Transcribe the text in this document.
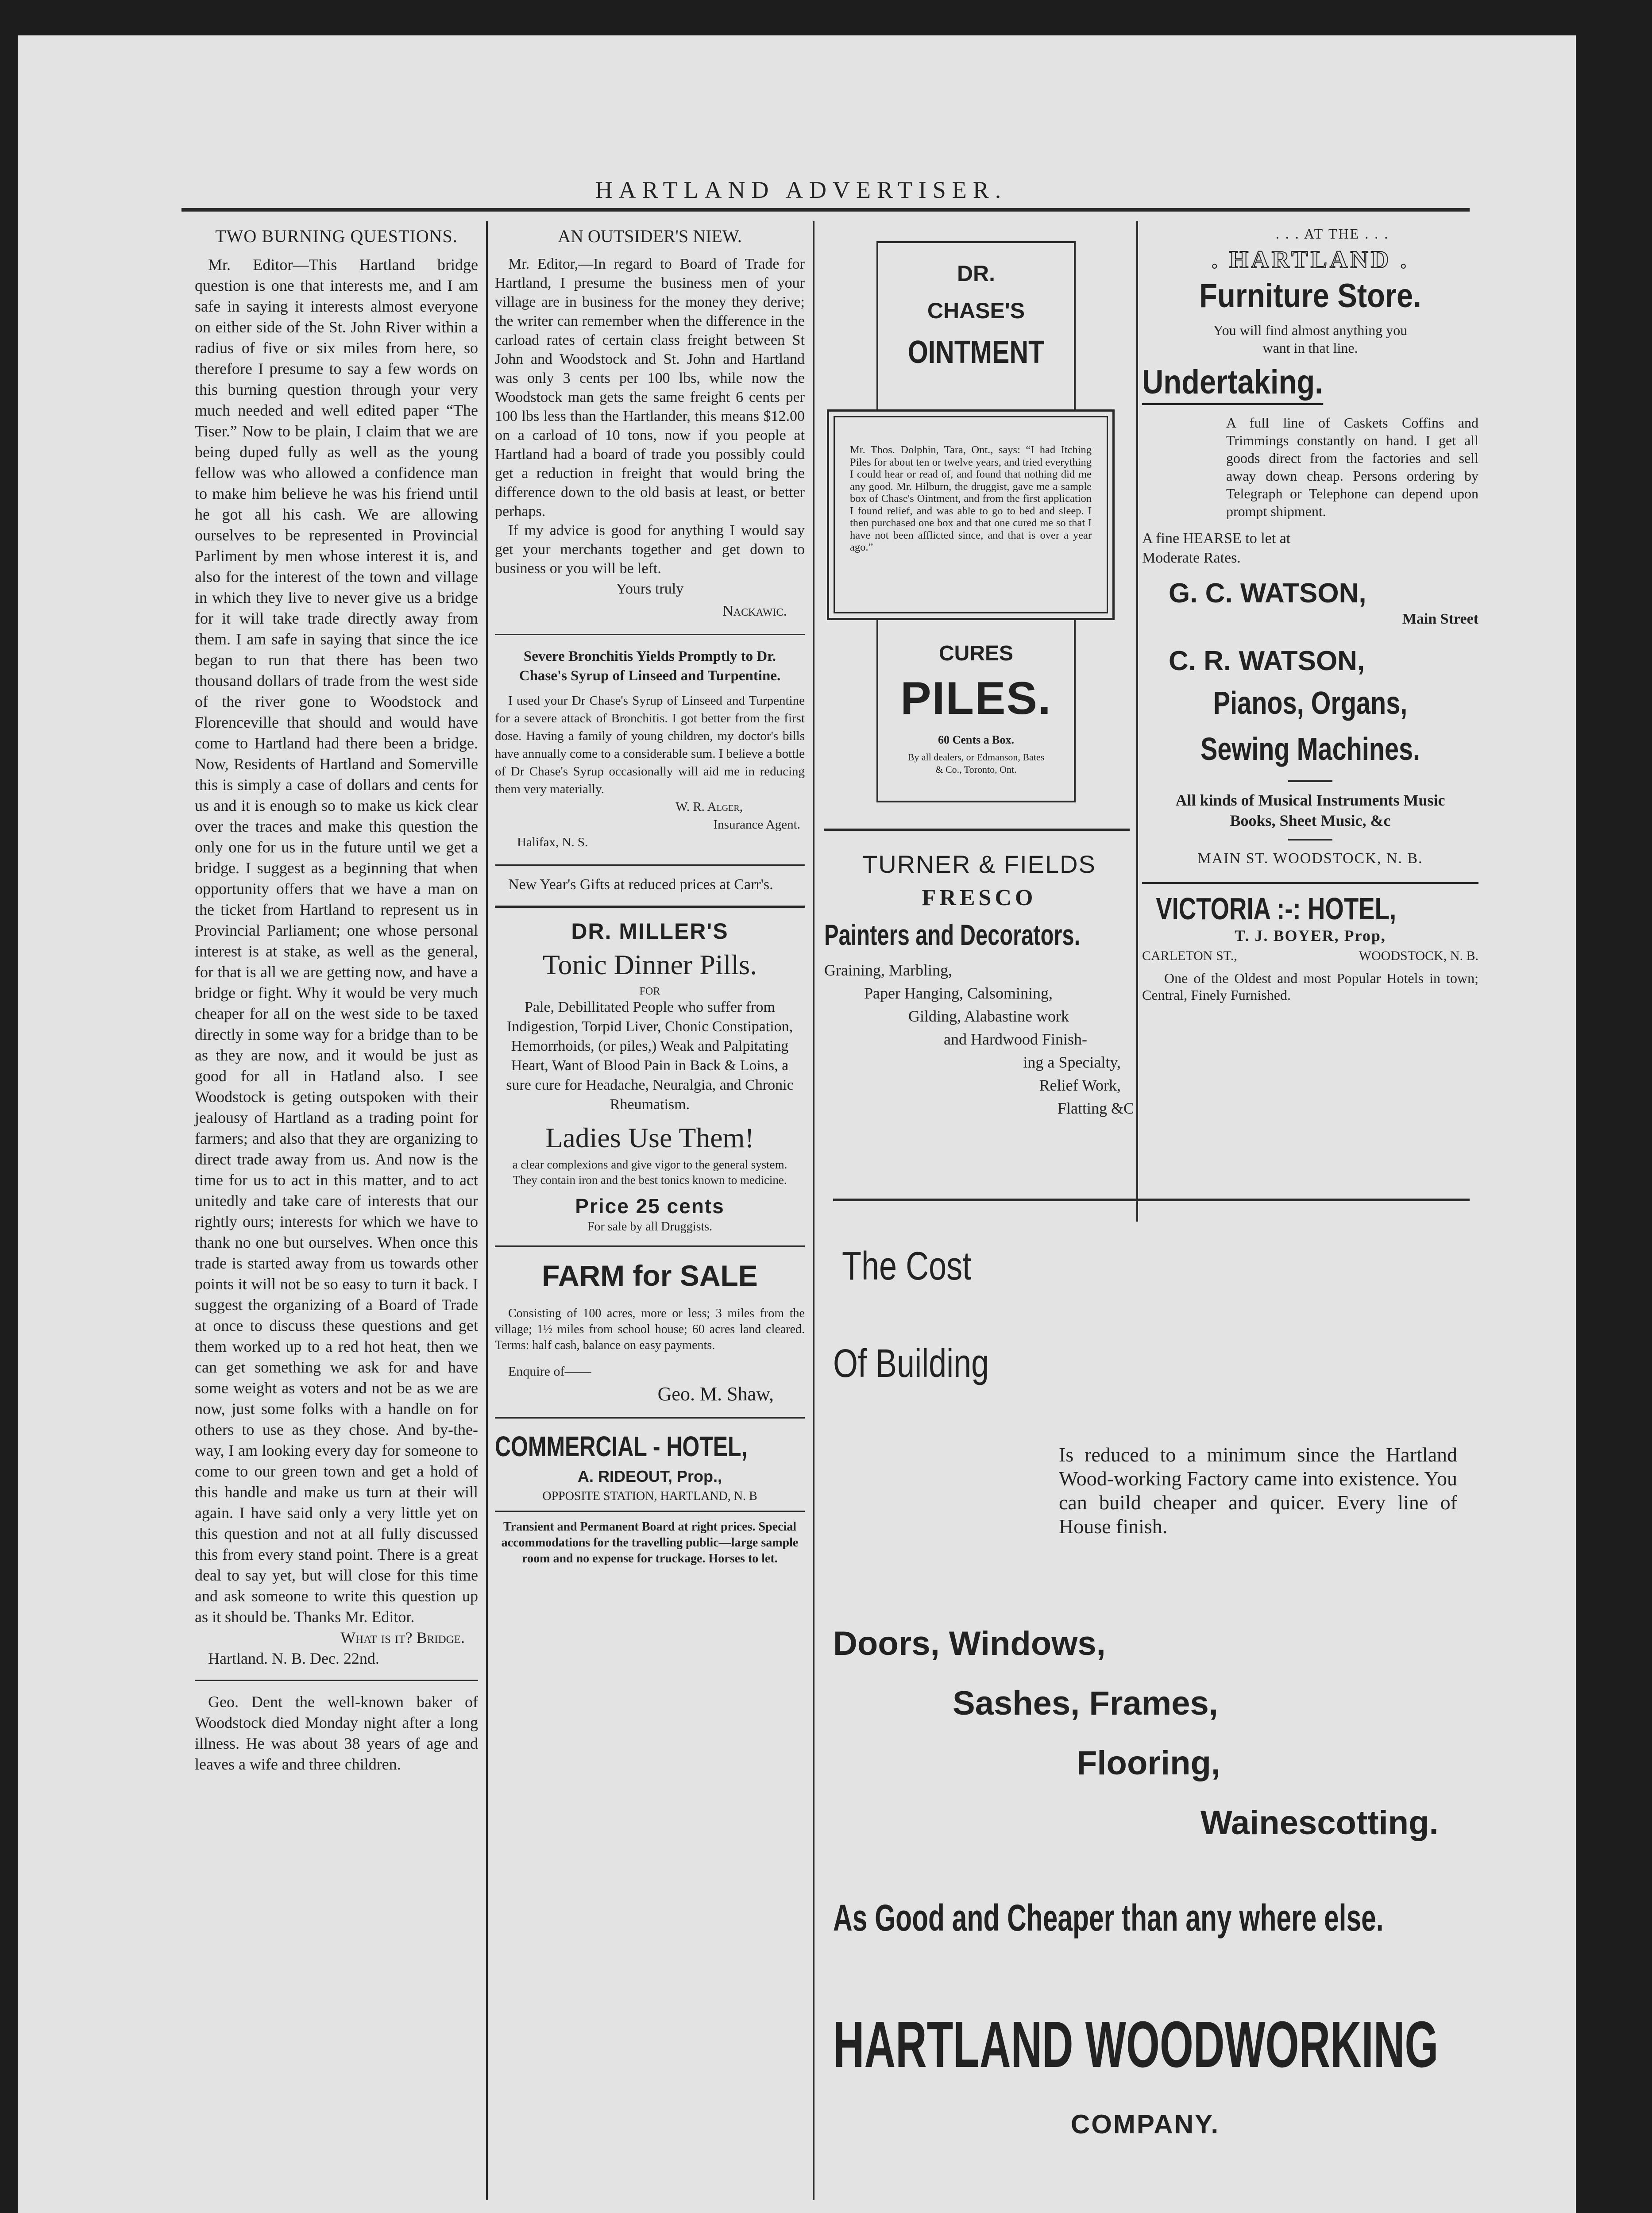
HARTLAND ADVERTISER.
TWO BURNING QUESTIONS.

Mr. Editor—This Hartland bridge question is one that interests me, and I am safe in saying it interests almost everyone on either side of the St. John River within a radius of five or six miles from here, so therefore I presume to say a few words on this burning question through your very much needed and well edited paper “The Tiser.” Now to be plain, I claim that we are being duped fully as well as the young fellow was who allowed a confidence man to make him believe he was his friend until he got all his cash. We are allowing ourselves to be represented in Provincial Parliment by men whose interest it is, and also for the interest of the town and village in which they live to never give us a bridge for it will take trade directly away from them. I am safe in saying that since the ice began to run that there has been two thousand dollars of trade from the west side of the river gone to Woodstock and Florenceville that should and would have come to Hartland had there been a bridge. Now, Residents of Hartland and Somerville this is simply a case of dollars and cents for us and it is enough so to make us kick clear over the traces and make this question the only one for us in the future until we get a bridge. I suggest as a beginning that when opportunity offers that we have a man on the ticket from Hartland to represent us in Provincial Parliament; one whose personal interest is at stake, as well as the general, for that is all we are getting now, and have a bridge or fight. Why it would be very much cheaper for all on the west side to be taxed directly in some way for a bridge than to be as they are now, and it would be just as good for all in Hatland also. I see Woodstock is geting outspoken with their jealousy of Hartland as a trading point for farmers; and also that they are organizing to direct trade away from us. And now is the time for us to act in this matter, and to act unitedly and take care of interests that our rightly ours; interests for which we have to thank no one but ourselves. When once this trade is started away from us towards other points it will not be so easy to turn it back. I suggest the organizing of a Board of Trade at once to discuss these questions and get them worked up to a red hot heat, then we can get something we ask for and have some weight as voters and not be as we are now, just some folks with a handle on for others to use as they chose. And by-the-way, I am looking every day for someone to come to our green town and get a hold of this handle and make us turn at their will again. I have said only a very little yet on this question and not at all fully discussed this from every stand point. There is a great deal to say yet, but will close for this time and ask someone to write this question up as it should be. Thanks Mr. Editor.

What is it? Bridge.
Hartland. N. B. Dec. 22nd.

Geo. Dent the well-known baker of Woodstock died Monday night after a long illness. He was about 38 years of age and leaves a wife and three children.

AN OUTSIDER'S NIEW.

Mr. Editor,—In regard to Board of Trade for Hartland, I presume the business men of your village are in business for the money they derive; the writer can remember when the difference in the carload rates of certain class freight between St John and Woodstock and St. John and Hartland was only 3 cents per 100 lbs, while now the Woodstock man gets the same freight 6 cents per 100 lbs less than the Hartlander, this means $12.00 on a carload of 10 tons, now if you people at Hartland had a board of trade you possibly could get a reduction in freight that would bring the difference down to the old basis at least, or better perhaps.

If my advice is good for anything I would say get your merchants together and get down to business or you will be left.

Yours truly
Nackawic.
Severe Bronchitis Yields Promptly to Dr. Chase's Syrup of Linseed and Turpentine.

I used your Dr Chase's Syrup of Linseed and Turpentine for a severe attack of Bronchitis. I got better from the first dose. Having a family of young children, my doctor's bills have annually come to a considerable sum. I believe a bottle of Dr Chase's Syrup occasionally will aid me in reducing them very materially.

W. R. Alger,
Insurance Agent.
Halifax, N. S.

New Year's Gifts at reduced prices at Carr's.

DR. MILLER'S
Tonic Dinner Pills.
FOR

Pale, Debillitated People who suffer from Indigestion, Torpid Liver, Chonic Constipation, Hemorrhoids, (or piles,) Weak and Palpitating Heart, Want of Blood Pain in Back & Loins, a sure cure for Headache, Neuralgia, and Chronic Rheumatism.

Ladies Use Them!

a clear complexions and give vigor to the general system.

They contain iron and the best tonics known to medicine.

Price 25 cents
For sale by all Druggists.
FARM for SALE

Consisting of 100 acres, more or less; 3 miles from the village; 1½ miles from school house; 60 acres land cleared. Terms: half cash, balance on easy payments.

Enquire of——
Geo. M. Shaw,
COMMERCIAL - HOTEL,
A. RIDEOUT, Prop.,
OPPOSITE STATION, HARTLAND, N. B

Transient and Permanent Board at right prices. Special accommodations for the travelling public—large sample room and no expense for truckage. Horses to let.

DR.
CHASE'S
OINTMENT
CURES
PILES.
60 Cents a Box.
By all dealers, or Edmanson, Bates & Co., Toronto, Ont.

Mr. Thos. Dolphin, Tara, Ont., says: “I had Itching Piles for about ten or twelve years, and tried everything I could hear or read of, and found that nothing did me any good. Mr. Hilburn, the druggist, gave me a sample box of Chase's Ointment, and from the first application I found relief, and was able to go to bed and sleep. I then purchased one box and that one cured me so that I have not been afflicted since, and that is over a year ago.”

TURNER & FIELDS
FRESCO
Painters and Decorators.
Graining, Marbling,
Paper Hanging, Calsomining,
Gilding, Alabastine work
and Hardwood Finish-
ing a Specialty,
Relief Work,
Flatting &C
. . . AT THE . . .
. HARTLAND .
Furniture Store.

You will find almost anything you want in that line.

Undertaking.

A full line of Caskets Coffins and Trimmings constantly on hand. I get all goods direct from the factories and sell away down cheap. Persons ordering by Telegraph or Telephone can depend upon prompt shipment.

A fine HEARSE to let at Moderate Rates.

G. C. WATSON,
Main Street
C. R. WATSON,
Pianos, Organs, Sewing Machines.

All kinds of Musical Instruments Music Books, Sheet Music, &c

MAIN ST. WOODSTOCK, N. B.
VICTORIA :-: HOTEL,
T. J. BOYER, Prop,
CARLETON ST.,	WOODSTOCK, N. B.

One of the Oldest and most Popular Hotels in town; Central, Finely Furnished.

The Cost
Of Building

Is reduced to a minimum since the Hartland Wood-working Factory came into existence. You can build cheaper and quicer. Every line of House finish.

Doors, Windows,
Sashes, Frames,
Flooring,
Wainescotting.
As Good and Cheaper than any where else.
HARTLAND WOODWORKING
COMPANY.
